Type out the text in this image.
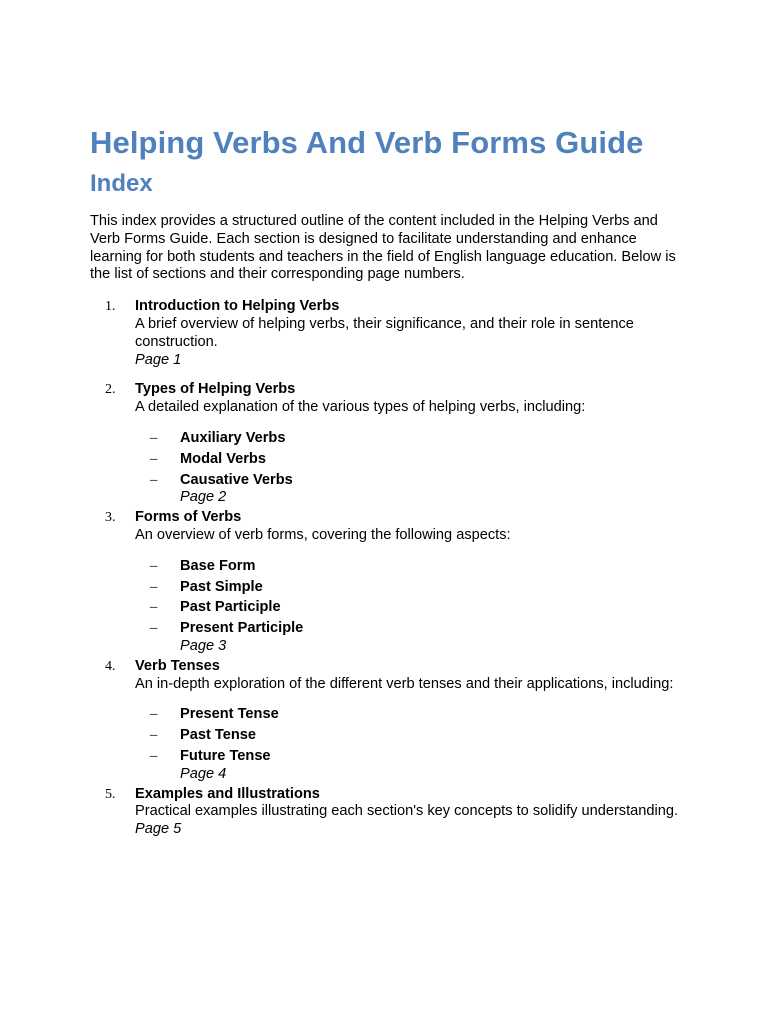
Helping Verbs And Verb Forms Guide
Index

This index provides a structured outline of the content included in the Helping Verbs and Verb Forms Guide. Each section is designed to facilitate understanding and enhance learning for both students and teachers in the field of English language education. Below is the list of sections and their corresponding page numbers.

1. Introduction to Helping Verbs
A brief overview of helping verbs, their significance, and their role in sentence construction.
Page 1
2. Types of Helping Verbs
A detailed explanation of the various types of helping verbs, including:
– Auxiliary Verbs
– Modal Verbs
– Causative Verbs
Page 2
3. Forms of Verbs
An overview of verb forms, covering the following aspects:
– Base Form
– Past Simple
– Past Participle
– Present Participle
Page 3
4. Verb Tenses
An in-depth exploration of the different verb tenses and their applications, including:
– Present Tense
– Past Tense
– Future Tense
Page 4
5. Examples and Illustrations
Practical examples illustrating each section's key concepts to solidify understanding.
Page 5
